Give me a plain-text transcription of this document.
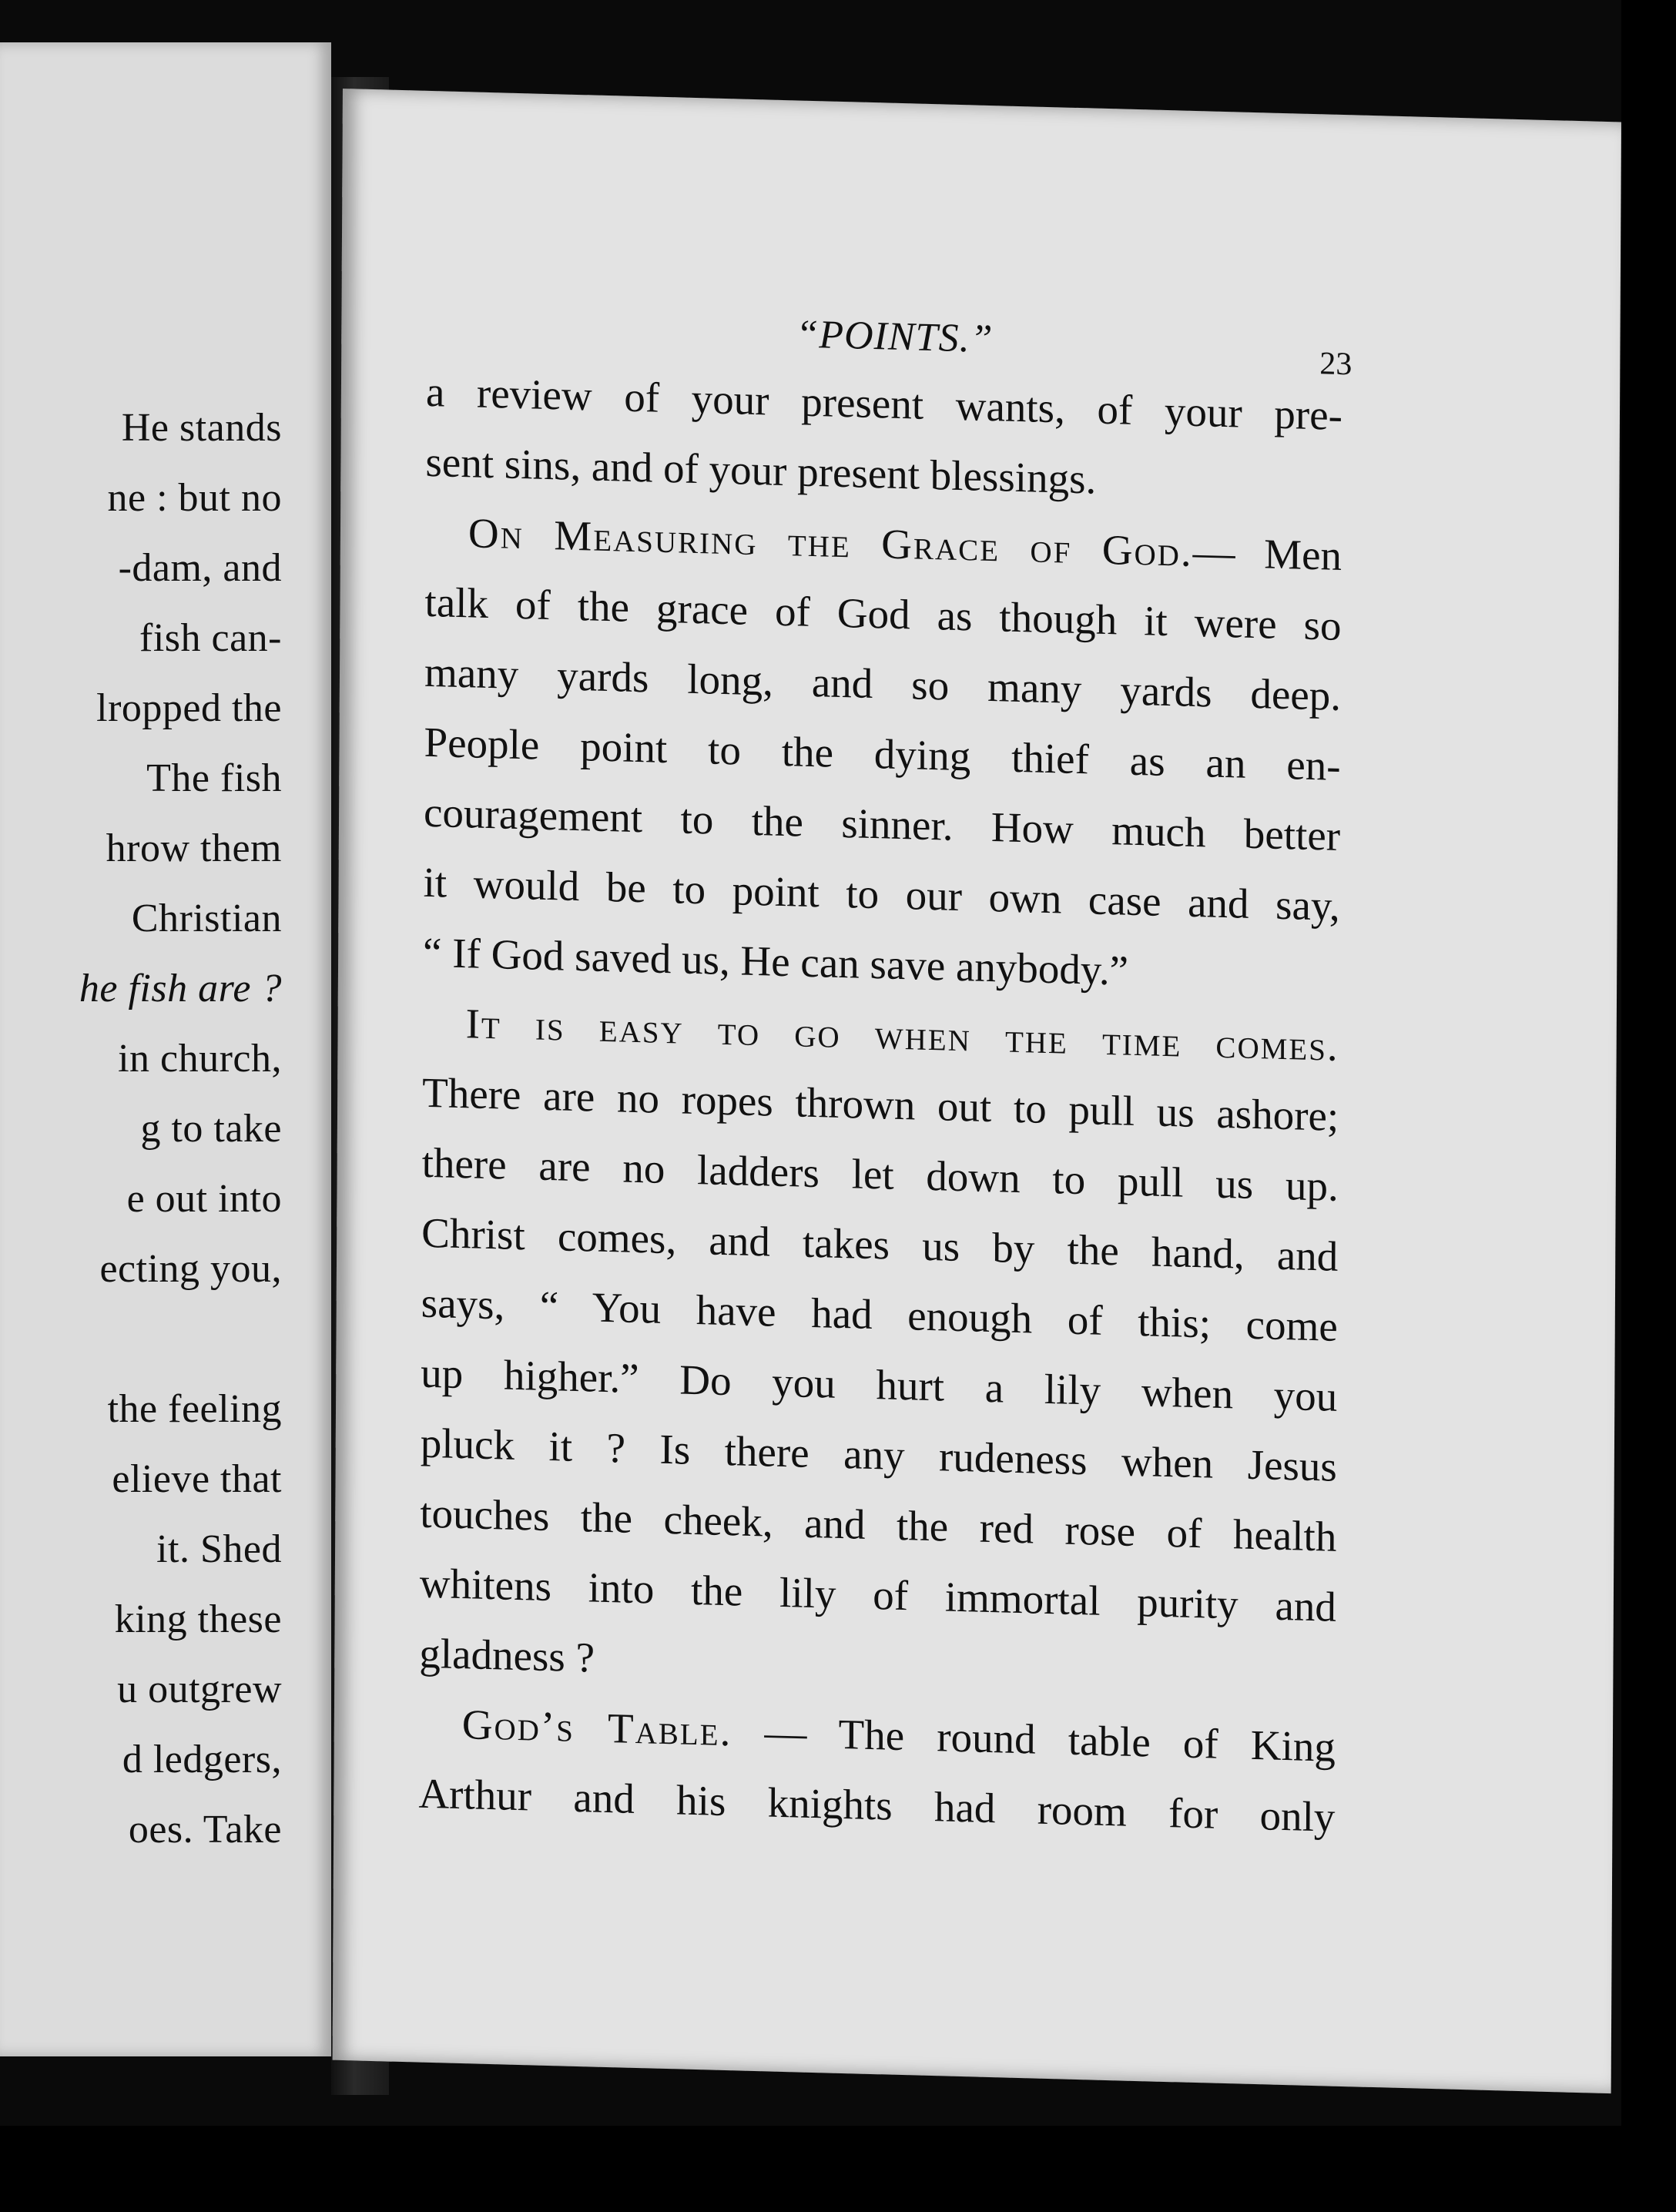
He stands
ne : but no
-dam, and
fish can-
lropped the
The fish
hrow them
Christian
he fish are ?
in church,
g to take
e out into
ecting you,
the feeling
elieve that
it. Shed
king these
u outgrew
d ledgers,
oes. Take
“POINTS.”
23
a review of your present wants, of your pre-
sent sins, and of your present blessings.
On Measuring the Grace of God.— Men
talk of the grace of God as though it were so
many yards long, and so many yards deep.
People point to the dying thief as an en-
couragement to the sinner. How much better
it would be to point to our own case and say,
“ If God saved us, He can save anybody.”
It is easy to go when the time comes.
There are no ropes thrown out to pull us ashore;
there are no ladders let down to pull us up.
Christ comes, and takes us by the hand, and
says, “ You have had enough of this; come
up higher.” Do you hurt a lily when you
pluck it ? Is there any rudeness when Jesus
touches the cheek, and the red rose of health
whitens into the lily of immortal purity and
gladness ?
God’s Table. — The round table of King
Arthur and his knights had room for only
